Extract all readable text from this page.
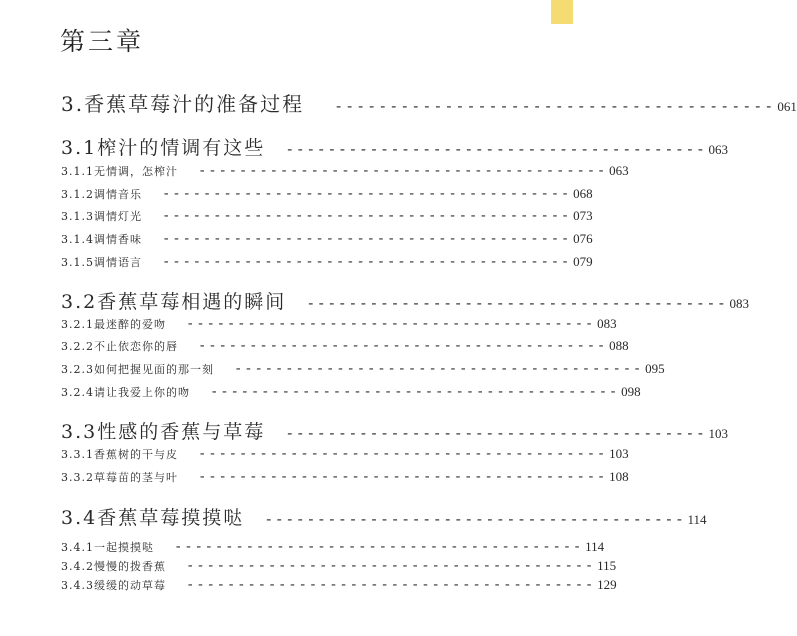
第三章
3.香蕉草莓汁的准备过程 ---------------------------------------- 061
3.1榨汁的情调有这些 ---------------------------------------- 063
3.1.1无情调，怎榨汁 ---------------------------------------- 063
3.1.2调情音乐 ---------------------------------------- 068
3.1.3调情灯光 ---------------------------------------- 073
3.1.4调情香味 ---------------------------------------- 076
3.1.5调情语言 ---------------------------------------- 079
3.2香蕉草莓相遇的瞬间 ---------------------------------------- 083
3.2.1最迷醉的爱吻 ---------------------------------------- 083
3.2.2不止依恋你的唇 ---------------------------------------- 088
3.2.3如何把握见面的那一刻 ---------------------------------------- 095
3.2.4请让我爱上你的吻 ---------------------------------------- 098
3.3性感的香蕉与草莓 ---------------------------------------- 103
3.3.1香蕉树的干与皮 ---------------------------------------- 103
3.3.2草莓苗的茎与叶 ---------------------------------------- 108
3.4香蕉草莓摸摸哒 ---------------------------------------- 114
3.4.1一起摸摸哒 ---------------------------------------- 114
3.4.2慢慢的拨香蕉 ---------------------------------------- 115
3.4.3缓缓的动草莓 ---------------------------------------- 129
